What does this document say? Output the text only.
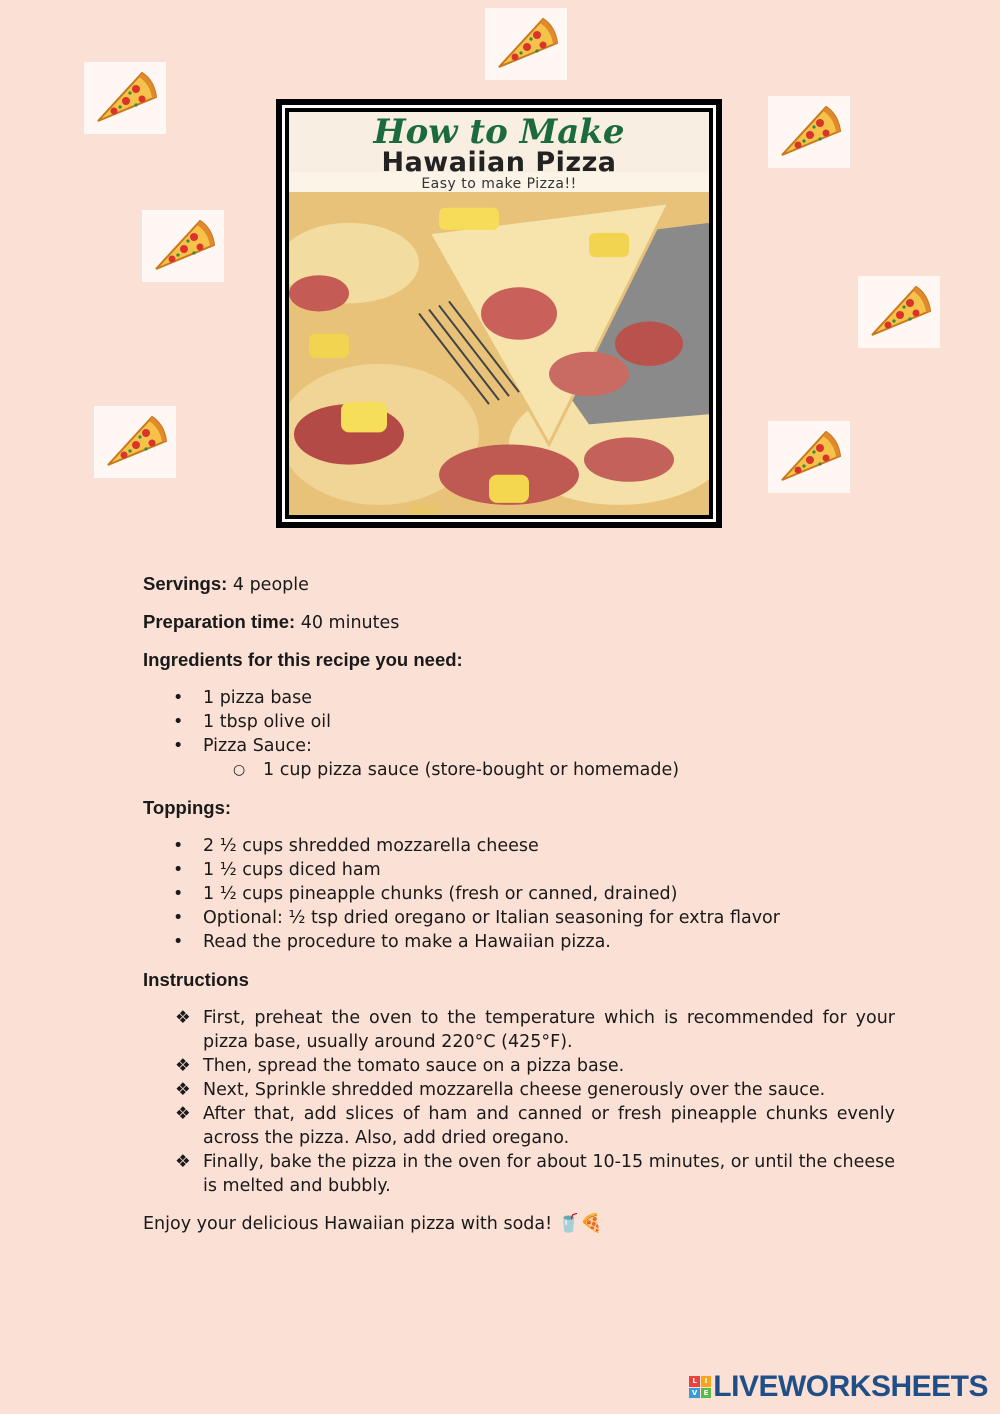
How to Make
Hawaiian Pizza
Easy to make Pizza!!
Servings: 4 people
Preparation time: 40 minutes
Ingredients for this recipe you need:
• 1 pizza base
• 1 tbsp olive oil
• Pizza Sauce:
○ 1 cup pizza sauce (store-bought or homemade)
Toppings:
• 2 ½ cups shredded mozzarella cheese
• 1 ½ cups diced ham
• 1 ½ cups pineapple chunks (fresh or canned, drained)
• Optional: ½ tsp dried oregano or Italian seasoning for extra flavor
• Read the procedure to make a Hawaiian pizza.
Instructions
❖ First, preheat the oven to the temperature which is recommended for your pizza base, usually around 220°C (425°F).
❖ Then, spread the tomato sauce on a pizza base.
❖ Next, Sprinkle shredded mozzarella cheese generously over the sauce.
❖ After that, add slices of ham and canned or fresh pineapple chunks evenly across the pizza. Also, add dried oregano.
❖ Finally, bake the pizza in the oven for about 10-15 minutes, or until the cheese is melted and bubbly.
Enjoy your delicious Hawaiian pizza with soda! 🥤🍕
L	I
V E LIVEWORKSHEETS
